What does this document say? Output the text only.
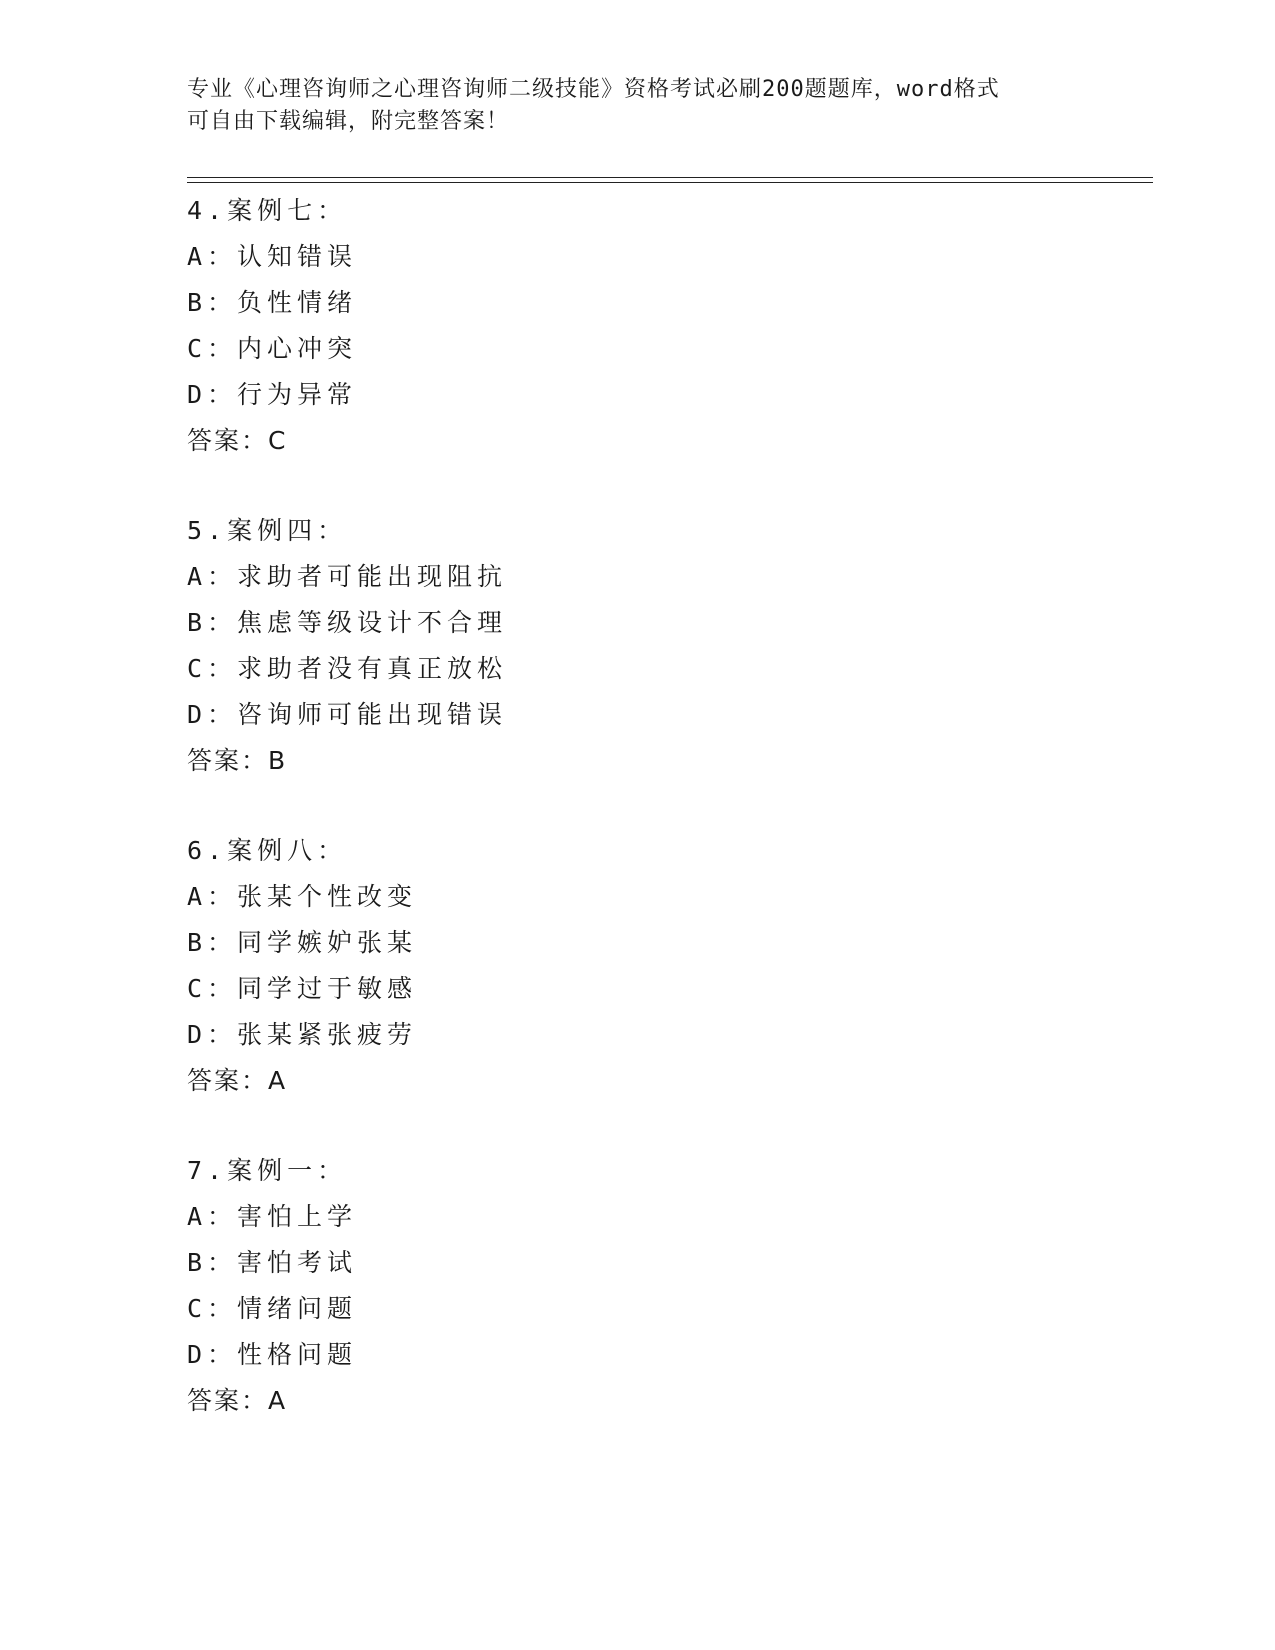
专业《心理咨询师之心理咨询师二级技能》资格考试必刷200题题库，word格式
可自由下载编辑，附完整答案！
4.案例七：
A：认知错误
B：负性情绪
C：内心冲突
D：行为异常
答案：C
5.案例四：
A：求助者可能出现阻抗
B：焦虑等级设计不合理
C：求助者没有真正放松
D：咨询师可能出现错误
答案：B
6.案例八：
A：张某个性改变
B：同学嫉妒张某
C：同学过于敏感
D：张某紧张疲劳
答案：A
7.案例一：
A：害怕上学
B：害怕考试
C：情绪问题
D：性格问题
答案：A
